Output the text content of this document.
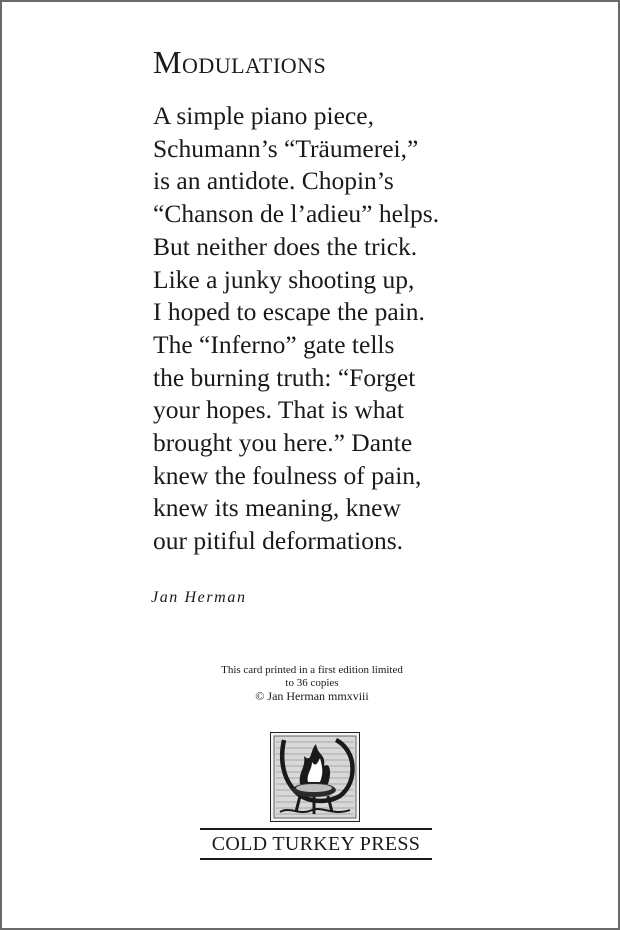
Modulations
A simple piano piece,
Schumann’s “Träumerei,”
is an antidote. Chopin’s
“Chanson de l’adieu” helps.
But neither does the trick.
Like a junky shooting up,
I hoped to escape the pain.
The “Inferno” gate tells
the burning truth: “Forget
your hopes. That is what
brought you here.” Dante
knew the foulness of pain,
knew its meaning, knew
our pitiful deformations.
Jan Herman
This card printed in a first edition limited
to 36 copies
© Jan Herman mmxviii
COLD TURKEY PRESS
